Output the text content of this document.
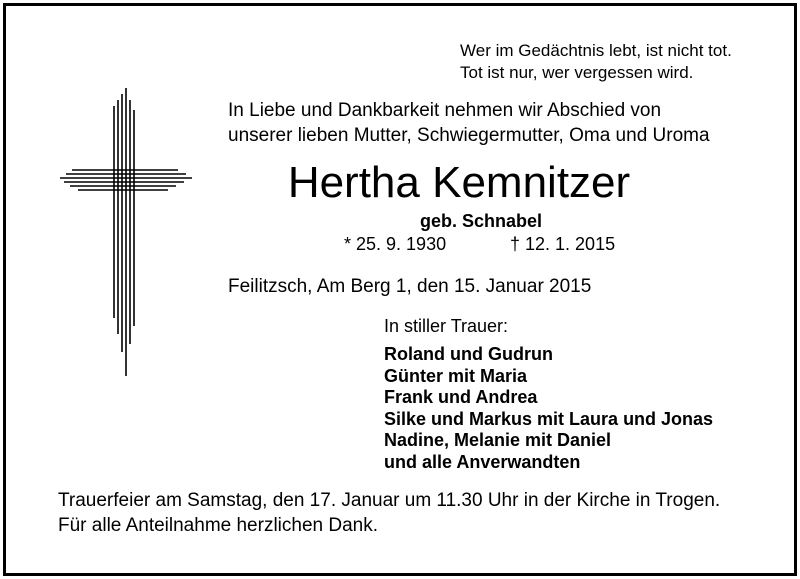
Wer im Gedächtnis lebt, ist nicht tot.
Tot ist nur, wer vergessen wird.
In Liebe und Dankbarkeit nehmen wir Abschied von
unserer lieben Mutter, Schwiegermutter, Oma und Uroma
Hertha Kemnitzer
geb. Schnabel
* 25. 9. 1930	† 12. 1. 2015
Feilitzsch, Am Berg 1, den 15. Januar 2015
In stiller Trauer:
Roland und Gudrun
Günter mit Maria
Frank und Andrea
Silke und Markus mit Laura und Jonas
Nadine, Melanie mit Daniel
und alle Anverwandten
Trauerfeier am Samstag, den 17. Januar um 11.30 Uhr in der Kirche in Trogen.
Für alle Anteilnahme herzlichen Dank.
